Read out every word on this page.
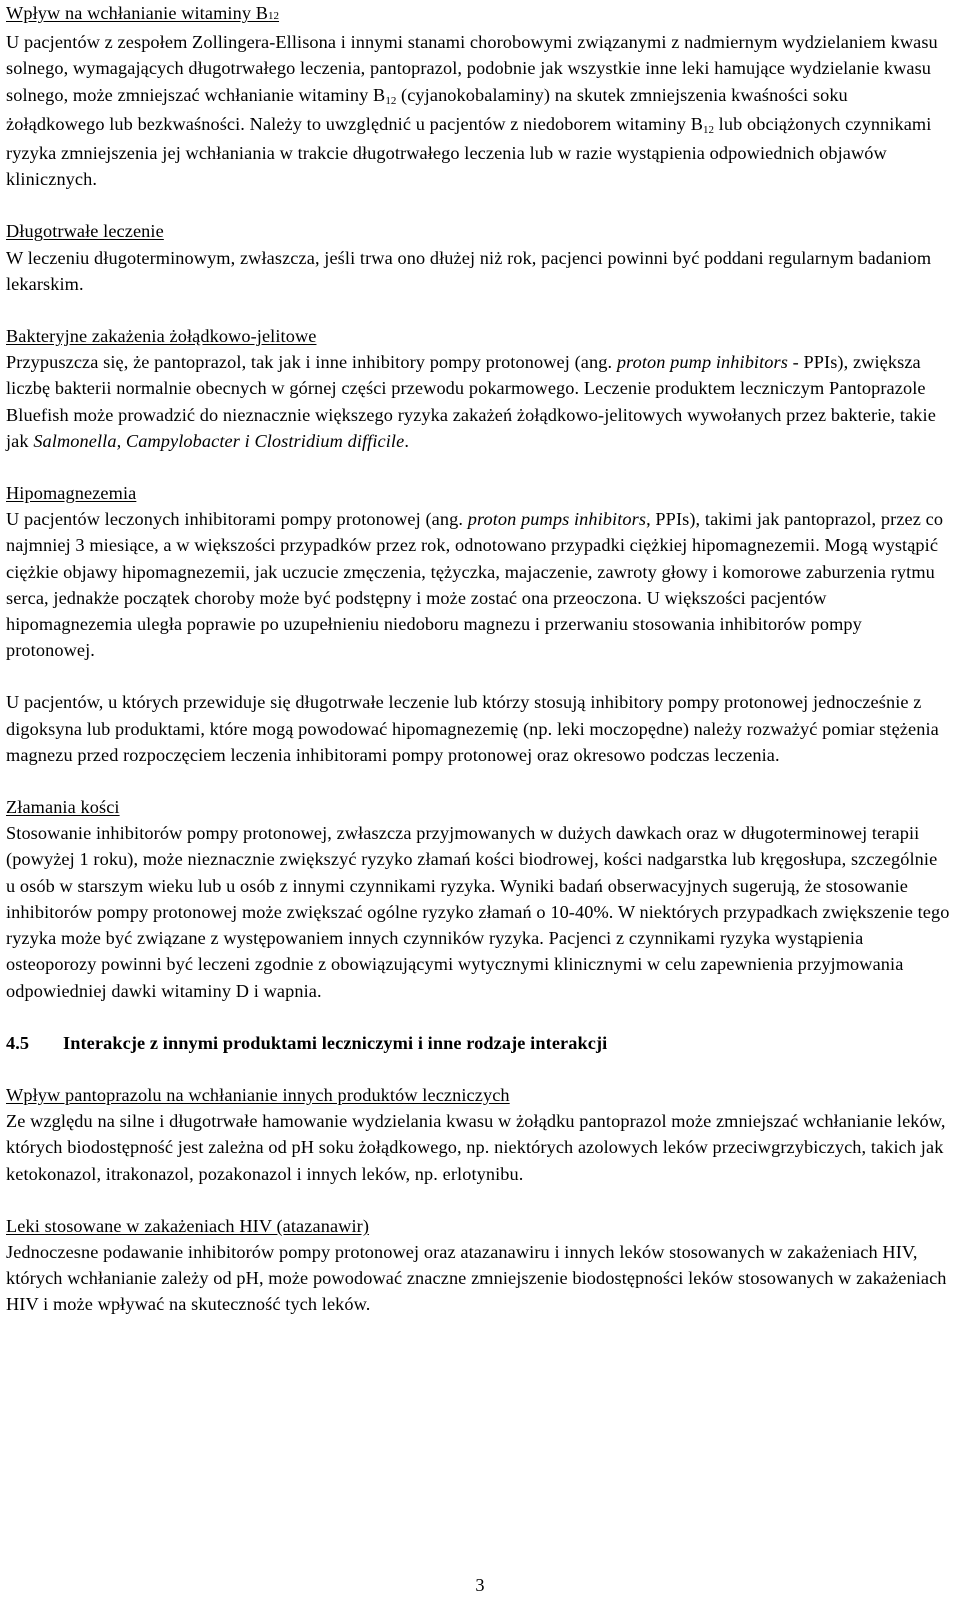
Wpływ na wchłanianie witaminy B12

U pacjentów z zespołem Zollingera-Ellisona i innymi stanami chorobowymi związanymi z nadmiernym wydzielaniem kwasu solnego, wymagających długotrwałego leczenia, pantoprazol, podobnie jak wszystkie inne leki hamujące wydzielanie kwasu solnego, może zmniejszać wchłanianie witaminy B12 (cyjanokobalaminy) na skutek zmniejszenia kwaśności soku żołądkowego lub bezkwaśności. Należy to uwzględnić u pacjentów z niedoborem witaminy B12 lub obciążonych czynnikami ryzyka zmniejszenia jej wchłaniania w trakcie długotrwałego leczenia lub w razie wystąpienia odpowiednich objawów klinicznych.

Długotrwałe leczenie

W leczeniu długoterminowym, zwłaszcza, jeśli trwa ono dłużej niż rok, pacjenci powinni być poddani regularnym badaniom lekarskim.

Bakteryjne zakażenia żołądkowo-jelitowe

Przypuszcza się, że pantoprazol, tak jak i inne inhibitory pompy protonowej (ang. proton pump inhibitors - PPIs), zwiększa liczbę bakterii normalnie obecnych w górnej części przewodu pokarmowego. Leczenie produktem leczniczym Pantoprazole Bluefish może prowadzić do nieznacznie większego ryzyka zakażeń żołądkowo-jelitowych wywołanych przez bakterie, takie jak Salmonella, Campylobacter i Clostridium difficile.

Hipomagnezemia

U pacjentów leczonych inhibitorami pompy protonowej (ang. proton pumps inhibitors, PPIs), takimi jak pantoprazol, przez co najmniej 3 miesiące, a w większości przypadków przez rok, odnotowano przypadki ciężkiej hipomagnezemii. Mogą wystąpić ciężkie objawy hipomagnezemii, jak uczucie zmęczenia, tężyczka, majaczenie, zawroty głowy i komorowe zaburzenia rytmu serca, jednakże początek choroby może być podstępny i może zostać ona przeoczona. U większości pacjentów hipomagnezemia uległa poprawie po uzupełnieniu niedoboru magnezu i przerwaniu stosowania inhibitorów pompy protonowej.

U pacjentów, u których przewiduje się długotrwałe leczenie lub którzy stosują inhibitory pompy protonowej jednocześnie z digoksyna lub produktami, które mogą powodować hipomagnezemię (np. leki moczopędne) należy rozważyć pomiar stężenia magnezu przed rozpoczęciem leczenia inhibitorami pompy protonowej oraz okresowo podczas leczenia.

Złamania kości

Stosowanie inhibitorów pompy protonowej, zwłaszcza przyjmowanych w dużych dawkach oraz w długoterminowej terapii (powyżej 1 roku), może nieznacznie zwiększyć ryzyko złamań kości biodrowej, kości nadgarstka lub kręgosłupa, szczególnie u osób w starszym wieku lub u osób z innymi czynnikami ryzyka. Wyniki badań obserwacyjnych sugerują, że stosowanie inhibitorów pompy protonowej może zwiększać ogólne ryzyko złamań o 10-40%. W niektórych przypadkach zwiększenie tego ryzyka może być związane z występowaniem innych czynników ryzyka. Pacjenci z czynnikami ryzyka wystąpienia osteoporozy powinni być leczeni zgodnie z obowiązującymi wytycznymi klinicznymi w celu zapewnienia przyjmowania odpowiedniej dawki witaminy D i wapnia.

4.5 Interakcje z innymi produktami leczniczymi i inne rodzaje interakcji

Wpływ pantoprazolu na wchłanianie innych produktów leczniczych

Ze względu na silne i długotrwałe hamowanie wydzielania kwasu w żołądku pantoprazol może zmniejszać wchłanianie leków, których biodostępność jest zależna od pH soku żołądkowego, np. niektórych azolowych leków przeciwgrzybiczych, takich jak ketokonazol, itrakonazol, pozakonazol i innych leków, np. erlotynibu.

Leki stosowane w zakażeniach HIV (atazanawir)

Jednoczesne podawanie inhibitorów pompy protonowej oraz atazanawiru i innych leków stosowanych w zakażeniach HIV, których wchłanianie zależy od pH, może powodować znaczne zmniejszenie biodostępności leków stosowanych w zakażeniach HIV i może wpływać na skuteczność tych leków.

3
